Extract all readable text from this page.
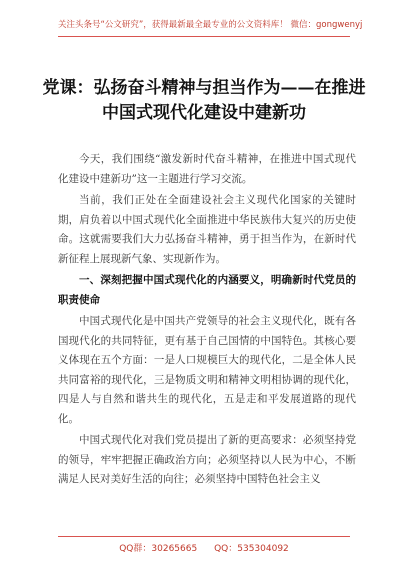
关注头条号“公文研究”，获得最新最全最专业的公文资料库！ 微信：gongwenyj
党课：弘扬奋斗精神与担当作为——在推进
中国式现代化建设中建新功

今天，我们围绕“激发新时代奋斗精神，在推进中国式现代化建设中建新功”这一主题进行学习交流。

当前，我们正处在全面建设社会主义现代化国家的关键时期，肩负着以中国式现代化全面推进中华民族伟大复兴的历史使命。这就需要我们大力弘扬奋斗精神，勇于担当作为，在新时代新征程上展现新气象、实现新作为。

一、深刻把握中国式现代化的内涵要义，明确新时代党员的职责使命

中国式现代化是中国共产党领导的社会主义现代化，既有各国现代化的共同特征，更有基于自己国情的中国特色。其核心要义体现在五个方面：一是人口规模巨大的现代化，二是全体人民共同富裕的现代化，三是物质文明和精神文明相协调的现代化，四是人与自然和谐共生的现代化，五是走和平发展道路的现代化。

中国式现代化对我们党员提出了新的更高要求：必须坚持党的领导，牢牢把握正确政治方向；必须坚持以人民为中心，不断满足人民对美好生活的向往；必须坚持中国特色社会主义

QQ群：30265665 QQ：535304092
